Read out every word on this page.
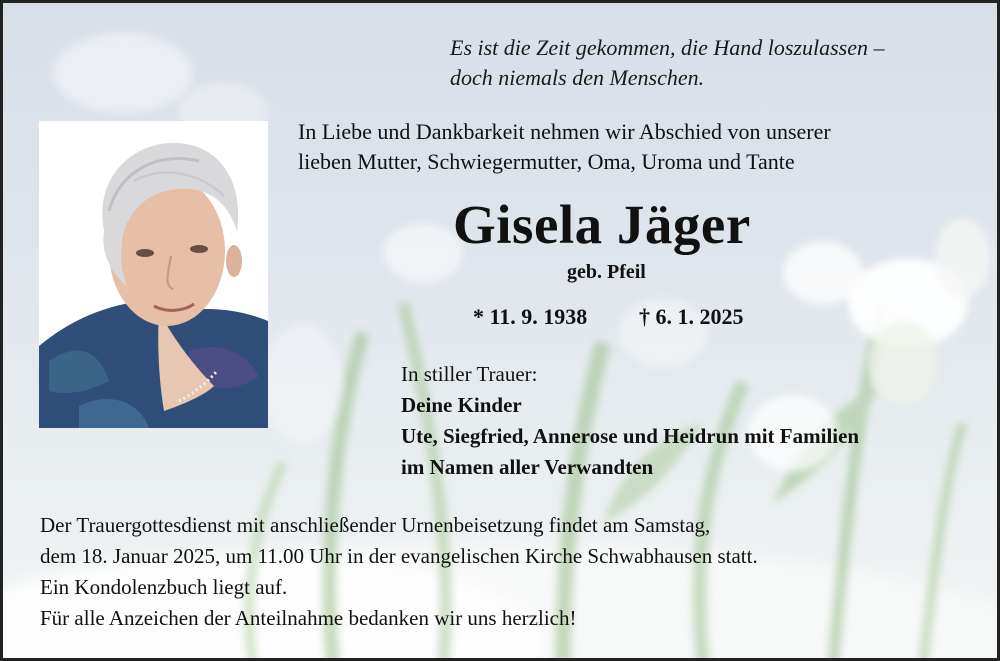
Es ist die Zeit gekommen, die Hand loszulassen –

doch niemals den Menschen.

In Liebe und Dankbarkeit nehmen wir Abschied von unserer

lieben Mutter, Schwiegermutter, Oma, Uroma und Tante

Gisela Jäger

geb. Pfeil

* 11. 9. 1938 † 6. 1. 2025

In stiller Trauer:

Deine Kinder

Ute, Siegfried, Annerose und Heidrun mit Familien

im Namen aller Verwandten

Der Trauergottesdienst mit anschließender Urnenbeisetzung findet am Samstag,

dem 18. Januar 2025, um 11.00 Uhr in der evangelischen Kirche Schwabhausen statt.

Ein Kondolenzbuch liegt auf.

Für alle Anzeichen der Anteilnahme bedanken wir uns herzlich!
